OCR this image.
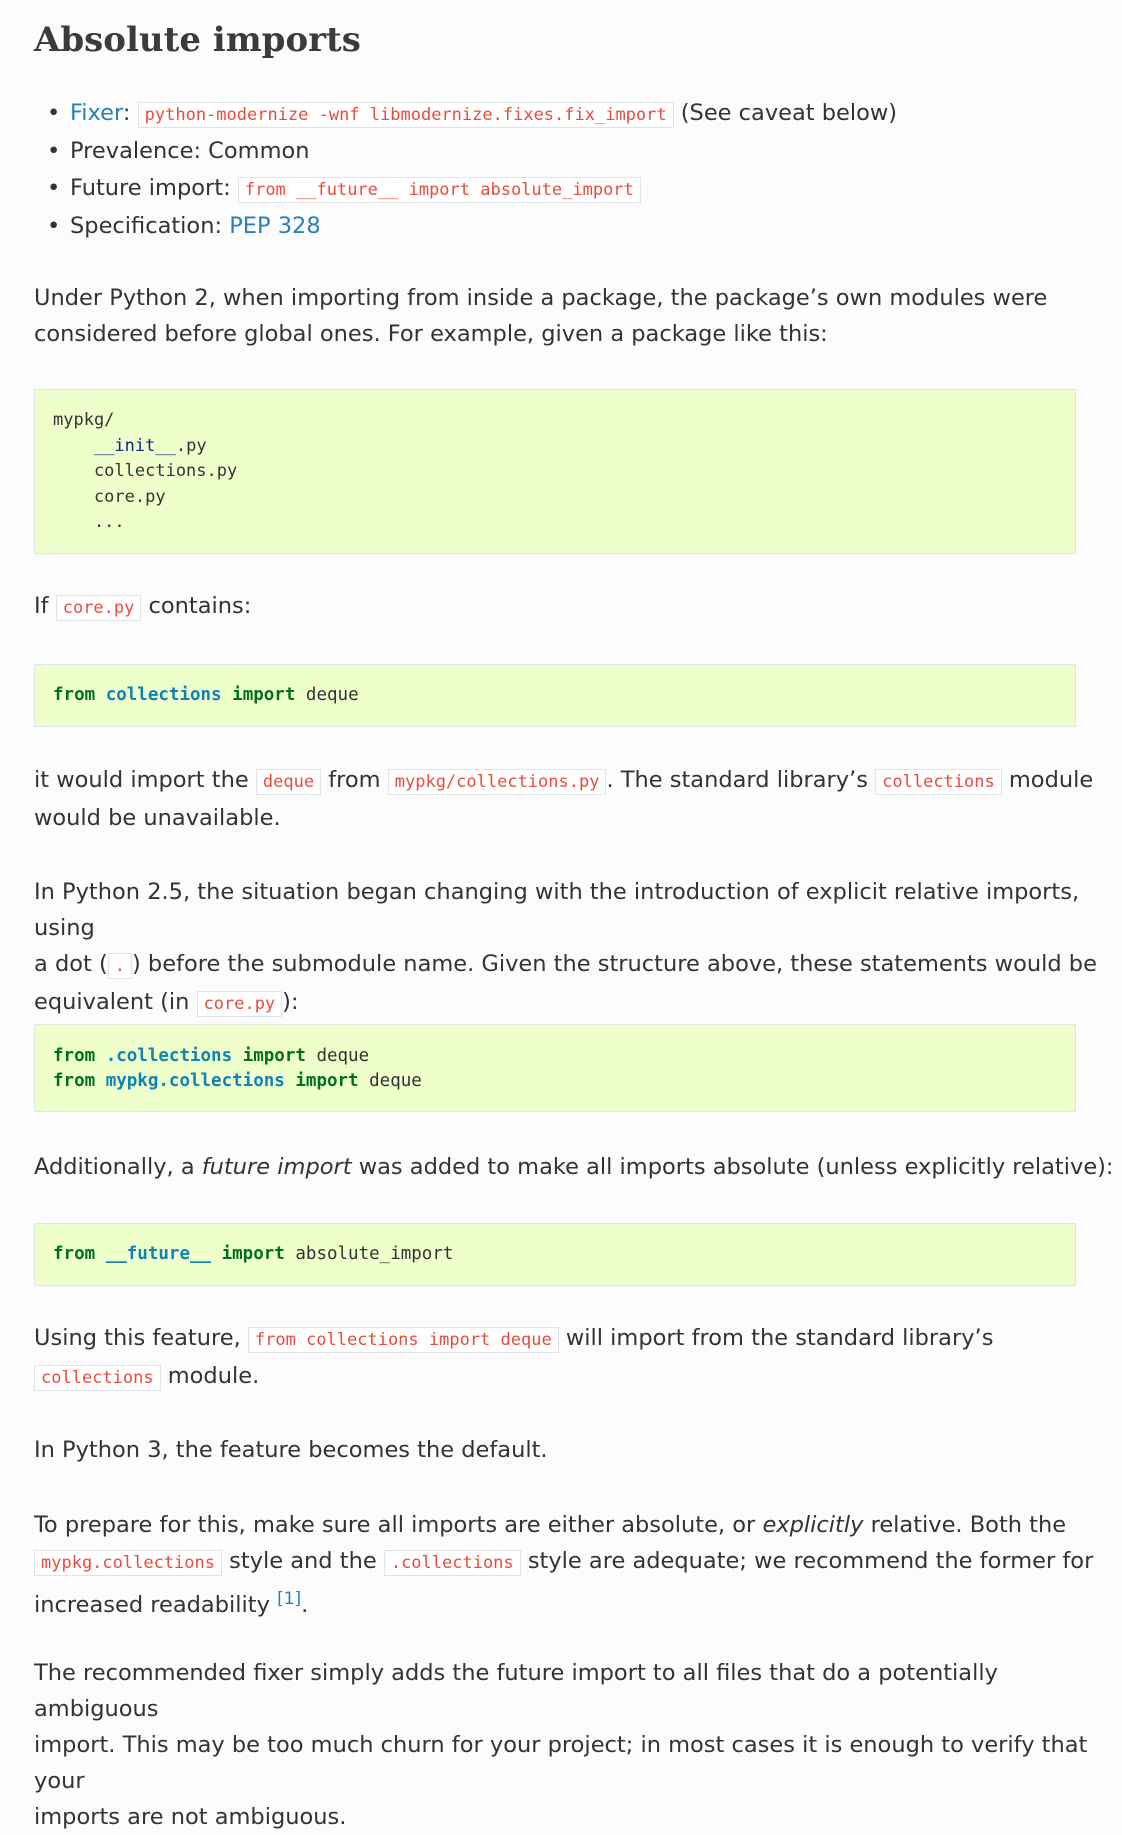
Absolute imports
• Fixer: python-modernize -wnf libmodernize.fixes.fix_import (See caveat below)
• Prevalence: Common
• Future import: from __future__ import absolute_import
• Specification: PEP 328
Under Python 2, when importing from inside a package, the package’s own modules were
considered before global ones. For example, given a package like this:
mypkg/
__init__.py
collections.py
core.py
...
If core.py contains:
from collections import deque
it would import the deque from mypkg/collections.py . The standard library’s collections module
would be unavailable.
In Python 2.5, the situation began changing with the introduction of explicit relative imports, using
a dot ( . ) before the submodule name. Given the structure above, these statements would be
equivalent (in core.py ):
from .collections import deque
from mypkg.collections import deque
Additionally, a future import was added to make all imports absolute (unless explicitly relative):
from __future__ import absolute_import
Using this feature, from collections import deque will import from the standard library’s
collections module.
In Python 3, the feature becomes the default.
To prepare for this, make sure all imports are either absolute, or explicitly relative. Both the
mypkg.collections style and the .collections style are adequate; we recommend the former for
increased readability [1].
The recommended fixer simply adds the future import to all files that do a potentially ambiguous
import. This may be too much churn for your project; in most cases it is enough to verify that your
imports are not ambiguous.
